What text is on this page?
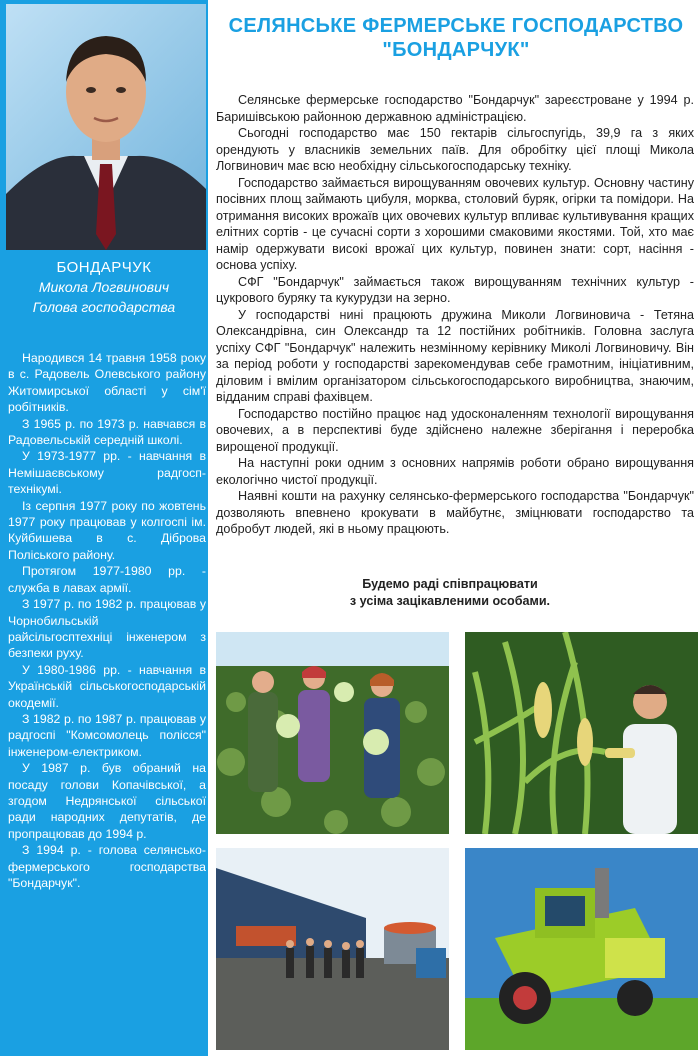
БОНДАРЧУК
Микола Логвинович
Голова господарства

Народився 14 травня 1958 року в с. Радовель Олевського району Житомирської області у сім'ї робітників.

З 1965 р. по 1973 р. навчався в Радовельській середній школі.

У 1973-1977 рр. - навчання в Немішаєвському радгосп-технікумі.

Із серпня 1977 року по жовтень 1977 року працював у колгоспі ім. Куйбишева в с. Діброва Поліського району.

Протягом 1977-1980 рр. - служба в лавах армії.

З 1977 р. по 1982 р. працював у Чорнобильській райсільгосптехніці інженером з безпеки руху.

У 1980-1986 рр. - навчання в Українській сільськогосподарській окодемії.

З 1982 р. по 1987 р. працював у радгоспі "Комсомолець полісся" інженером-електриком.

У 1987 р. був обраний на посаду голови Копачівської, а згодом Недрянської сільської ради народних депутатів, де пропрацював до 1994 р.

З 1994 р. - голова селянсько-фермерського господарства "Бондарчук".

СЕЛЯНСЬКЕ ФЕРМЕРСЬКЕ ГОСПОДАРСТВО
"БОНДАРЧУК"

Селянське фермерське господарство "Бондарчук" зареєстроване у 1994 р. Баришівською районною державною адміністрацією.

Сьогодні господарство має 150 гектарів сільгоспугідь, 39,9 га з яких орендують у власників земельних паїв. Для обробітку цієї площі Микола Логвинович має всю необхідну сільськогосподарську техніку.

Господарство займається вирощуванням овочевих культур. Основну частину посівних площ займають цибуля, морква, столовий буряк, огірки та помідори. На отримання високих врожаїв цих овочевих культур впливає культивування кращих елітних сортів - це сучасні сорти з хорошими смаковими якостями. Той, хто має намір одержувати високі врожаї цих культур, повинен знати: сорт, насіння - основа успіху.

СФГ "Бондарчук" займається також вирощуванням технічних культур - цукрового буряку та кукурудзи на зерно.

У господарстві нині працюють дружина Миколи Логвиновича - Тетяна Олександрівна, син Олександр та 12 постійних робітників. Головна заслуга успіху СФГ "Бондарчук" належить незмінному керівнику Миколі Логвиновичу. Він за період роботи у господарстві зарекомендував себе грамотним, ініціативним, діловим і вмілим організатором сільськогосподарського виробництва, знаючим, відданим справі фахівцем.

Господарство постійно працює над удосконаленням технології вирощування овочевих, а в перспективі буде здійснено належне зберігання і переробка вирощеної продукції.

На наступні роки одним з основних напрямів роботи обрано вирощування екологічно чистої продукції.

Наявні кошти на рахунку селянсько-фермерського господарства "Бондарчук" дозволяють впевнено крокувати в майбутнє, зміцнювати господарство та добробут людей, які в ньому працюють.

Будемо раді співпрацювати
з усіма зацікавленими особами.
